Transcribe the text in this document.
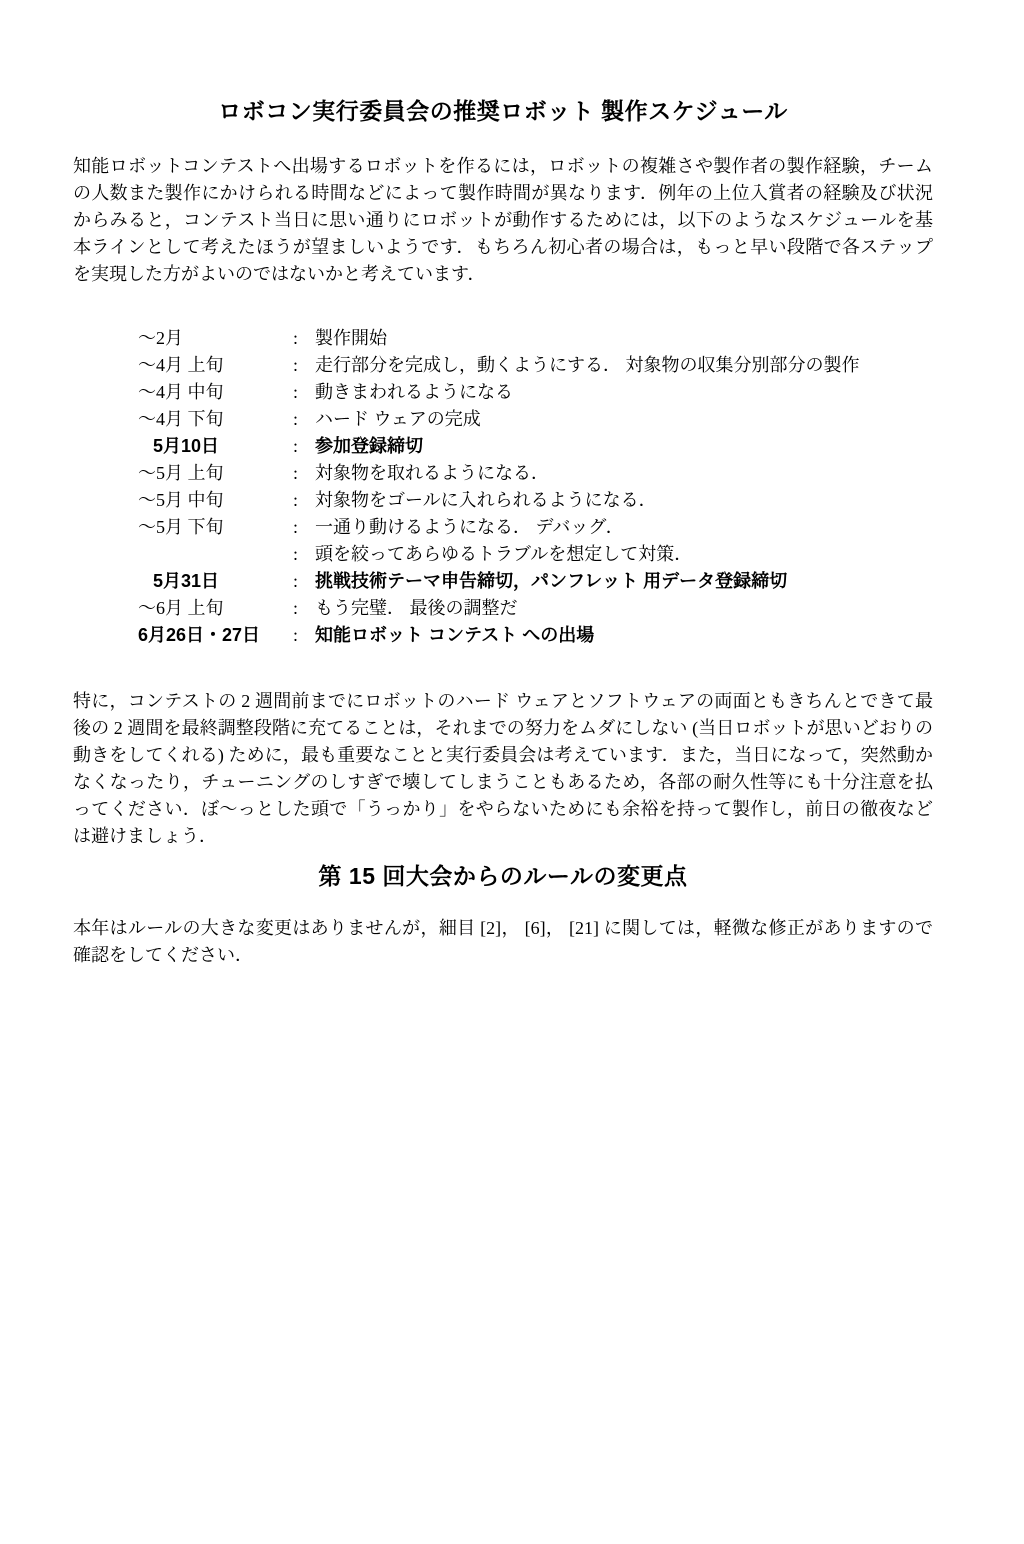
ロボコン実行委員会の推奨ロボット 製作スケジュール

知能ロボットコンテストへ出場するロボットを作るには，ロボットの複雑さや製作者の製作経験，チームの人数また製作にかけられる時間などによって製作時間が異なります．例年の上位入賞者の経験及び状況からみると，コンテスト当日に思い通りにロボットが動作するためには，以下のようなスケジュールを基本ラインとして考えたほうが望ましいようです．もちろん初心者の場合は，もっと早い段階で各ステップを実現した方がよいのではないかと考えています．

〜2月	: 製作開始
〜4月 上旬	: 走行部分を完成し，動くようにする． 対象物の収集分別部分の製作
〜4月 中旬	: 動きまわれるようになる
〜4月 下旬	: ハード ウェアの完成
5月10日	: 参加登録締切
〜5月 上旬	: 対象物を取れるようになる．
〜5月 中旬	: 対象物をゴールに入れられるようになる．
〜5月 下旬	: 一通り動けるようになる． デバッグ．
: 頭を絞ってあらゆるトラブルを想定して対策．
5月31日	: 挑戦技術テーマ申告締切，パンフレット 用データ登録締切
〜6月 上旬	: もう完璧． 最後の調整だ
6月26日・27日	: 知能ロボット コンテスト への出場

特に，コンテストの 2 週間前までにロボットのハード ウェアとソフトウェアの両面ともきちんとできて最後の 2 週間を最終調整段階に充てることは，それまでの努力をムダにしない (当日ロボットが思いどおりの動きをしてくれる) ために，最も重要なことと実行委員会は考えています．また，当日になって，突然動かなくなったり，チューニングのしすぎで壊してしまうこともあるため，各部の耐久性等にも十分注意を払ってください．ぼ〜っとした頭で「うっかり」をやらないためにも余裕を持って製作し，前日の徹夜などは避けましょう．

第 15 回大会からのルールの変更点

本年はルールの大きな変更はありませんが，細目 [2]， [6]， [21] に関しては，軽微な修正がありますので確認をしてください．
